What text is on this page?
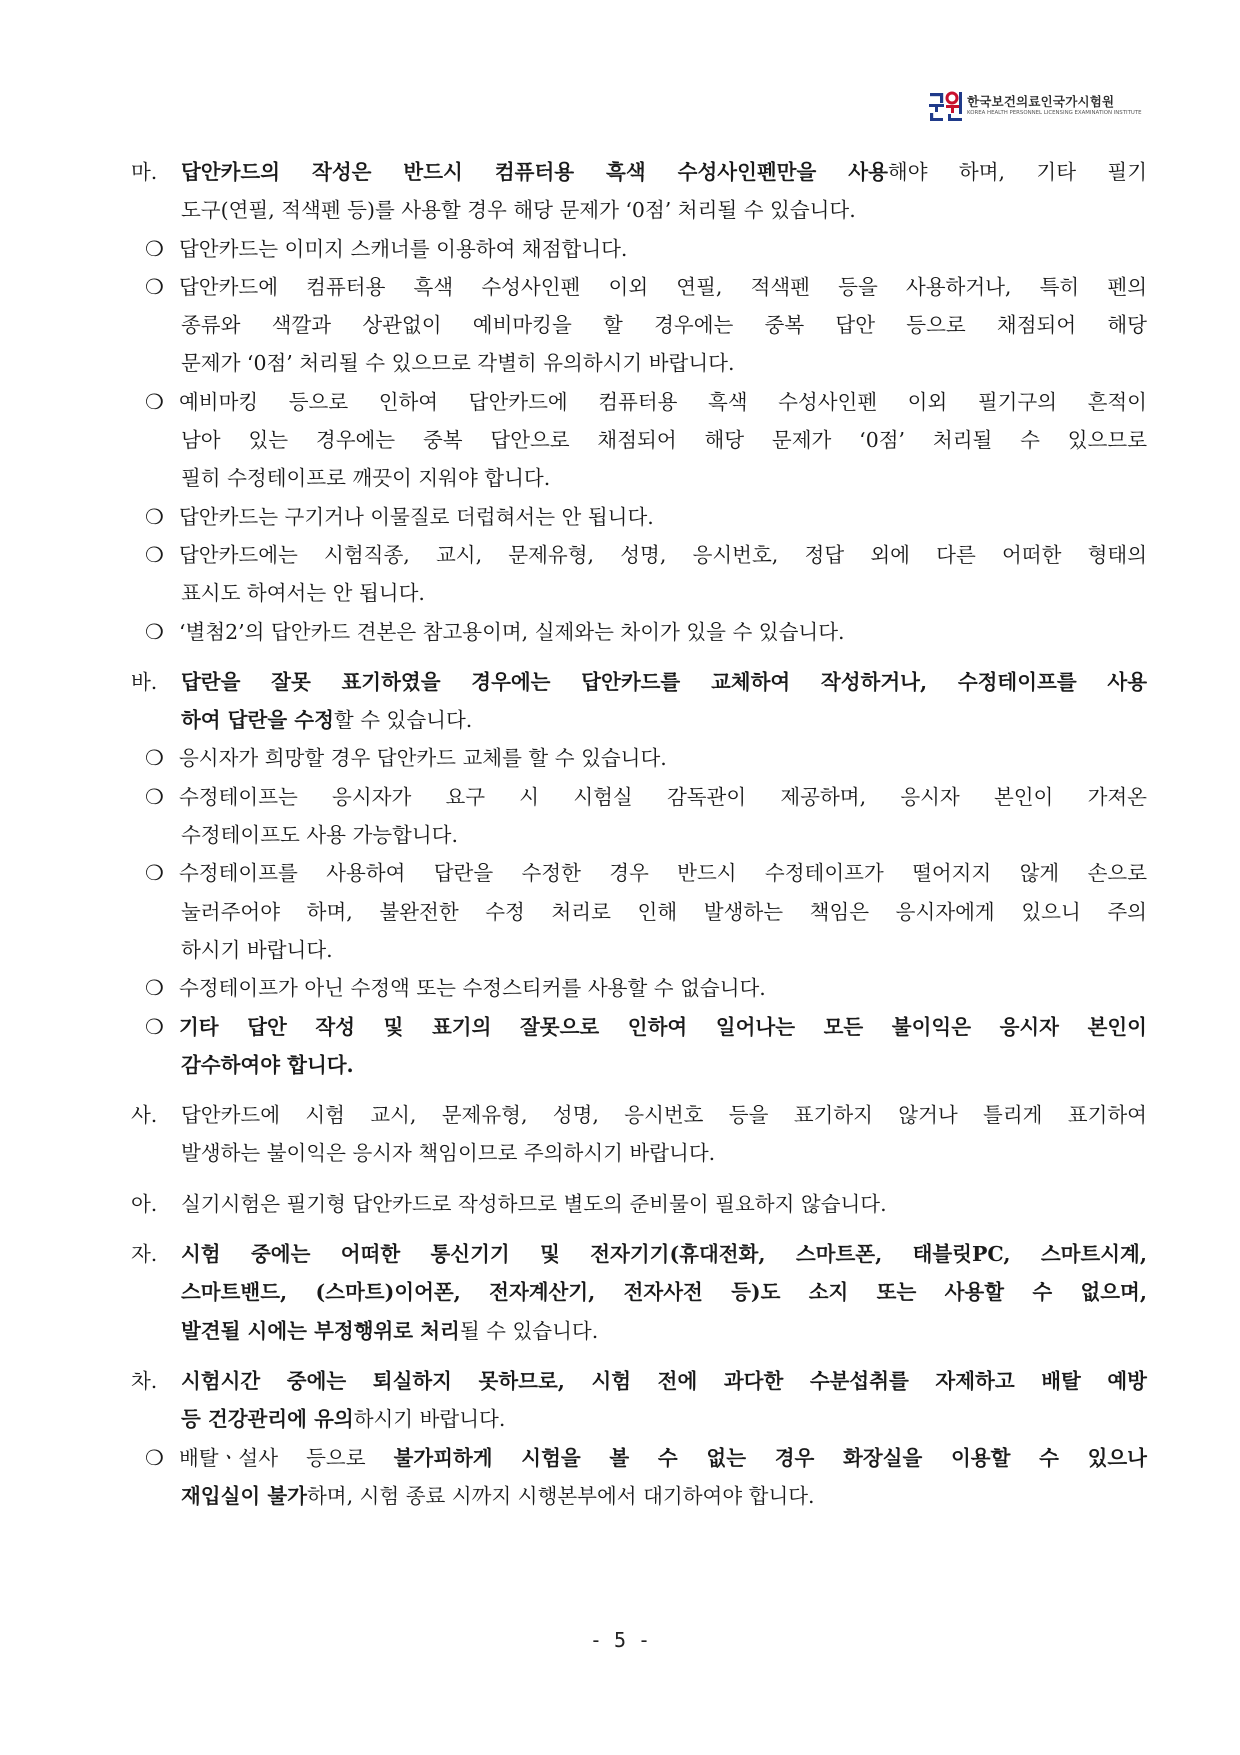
한국보건의료인국가시험원
KOREA HEALTH PERSONNEL LICENSING EXAMINATION INSTITUTE
마. 답안카드의 작성은 반드시 컴퓨터용 흑색 수성사인펜만을 사용해야 하며, 기타 필기
도구(연필, 적색펜 등)를 사용할 경우 해당 문제가 ‘0점’ 처리될 수 있습니다.
❍ 답안카드는 이미지 스캐너를 이용하여 채점합니다.
❍ 답안카드에 컴퓨터용 흑색 수성사인펜 이외 연필, 적색펜 등을 사용하거나, 특히 펜의
종류와 색깔과 상관없이 예비마킹을 할 경우에는 중복 답안 등으로 채점되어 해당
문제가 ‘0점’ 처리될 수 있으므로 각별히 유의하시기 바랍니다.
❍ 예비마킹 등으로 인하여 답안카드에 컴퓨터용 흑색 수성사인펜 이외 필기구의 흔적이
남아 있는 경우에는 중복 답안으로 채점되어 해당 문제가 ‘0점’ 처리될 수 있으므로
필히 수정테이프로 깨끗이 지워야 합니다.
❍ 답안카드는 구기거나 이물질로 더럽혀서는 안 됩니다.
❍ 답안카드에는 시험직종, 교시, 문제유형, 성명, 응시번호, 정답 외에 다른 어떠한 형태의
표시도 하여서는 안 됩니다.
❍ ‘별첨2’의 답안카드 견본은 참고용이며, 실제와는 차이가 있을 수 있습니다.
바. 답란을 잘못 표기하였을 경우에는 답안카드를 교체하여 작성하거나, 수정테이프를 사용
하여 답란을 수정할 수 있습니다.
❍ 응시자가 희망할 경우 답안카드 교체를 할 수 있습니다.
❍ 수정테이프는 응시자가 요구 시 시험실 감독관이 제공하며, 응시자 본인이 가져온
수정테이프도 사용 가능합니다.
❍ 수정테이프를 사용하여 답란을 수정한 경우 반드시 수정테이프가 떨어지지 않게 손으로
눌러주어야 하며, 불완전한 수정 처리로 인해 발생하는 책임은 응시자에게 있으니 주의
하시기 바랍니다.
❍ 수정테이프가 아닌 수정액 또는 수정스티커를 사용할 수 없습니다.
❍ 기타 답안 작성 및 표기의 잘못으로 인하여 일어나는 모든 불이익은 응시자 본인이
감수하여야 합니다.
사. 답안카드에 시험 교시, 문제유형, 성명, 응시번호 등을 표기하지 않거나 틀리게 표기하여
발생하는 불이익은 응시자 책임이므로 주의하시기 바랍니다.
아. 실기시험은 필기형 답안카드로 작성하므로 별도의 준비물이 필요하지 않습니다.
자. 시험 중에는 어떠한 통신기기 및 전자기기(휴대전화, 스마트폰, 태블릿PC, 스마트시계,
스마트밴드, (스마트)이어폰, 전자계산기, 전자사전 등)도 소지 또는 사용할 수 없으며,
발견될 시에는 부정행위로 처리될 수 있습니다.
차. 시험시간 중에는 퇴실하지 못하므로, 시험 전에 과다한 수분섭취를 자제하고 배탈 예방
등 건강관리에 유의하시기 바랍니다.
❍ 배탈ㆍ설사 등으로 불가피하게 시험을 볼 수 없는 경우 화장실을 이용할 수 있으나
재입실이 불가하며, 시험 종료 시까지 시행본부에서 대기하여야 합니다.
- 5 -
